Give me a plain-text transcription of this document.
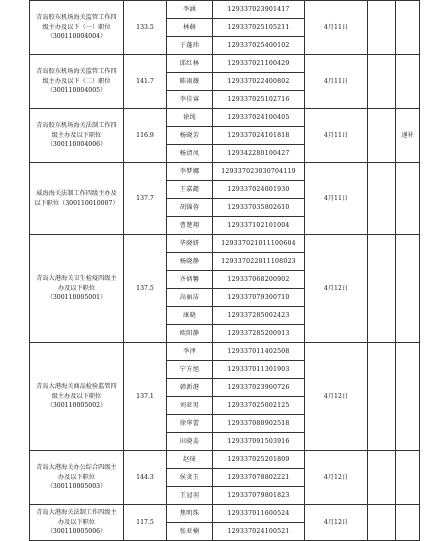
青岛胶东机场海关监管工作四级主办及以下（一）职位（300110004004）	133.5	李涵	129337023901417	4月11日		
		林赫	129337025105211			
		于蓬玮	129337025400102			
青岛胶东机场海关监管工作四级主办及以下（二）职位（300110004005）	141.7	邱红林	129337021100429	4月11日		
		陈雨薇	129337022400802			
		李佳睿	129337025102716			
青岛胶东机场海关法制工作四级主办及以下职位（300110004006）	116.9	徐纯	129337024100405	4月11日		递补
		杨晓芳	129337024101818			
		杨清凤	129342280100427			
威海海关法制工作四级主办及以下职位（300110010007）	137.7	李梦娜	129337023030704119	4月11日		
		王嘉懿	129337024001930			
		胡锦蓉	129337035802610			
		曹楚翔	129337102101004			
青岛大港海关卫生检疫四级主办及以下职位（300110005001）	137.5	毕晓妍	129337021011100604	4月12日		
		杨晓静	129337022011108023			
		齐炳馨	129337068200902			
		高丽洁	129337079300710			
		康晓	129337285002423			
		欧阳静	129337285200913			
青岛大港海关商品检验监管四级主办及以下职位（300110005002）	137.1	李泽	129337011402508	4月12日		
		宁方旭	129337011301903			
		韩新港	129337023900726			
		刘亚男	129337025002125			
		徐华蕾	129337080902518			
		田晓姜	129337091503916			
青岛大港海关办公综合四级主办及以下职位（300110005003）	144.3	赵琦	129337025201809	4月12日		
		侯贪玉	129337078802221			
		王冠羽	129337079801823			
青岛大港海关法制工作四级主办及以下职位（300110005006）	117.5	焦明珠	129337011600524	4月12日		
		张亚楠	129337024100521			
